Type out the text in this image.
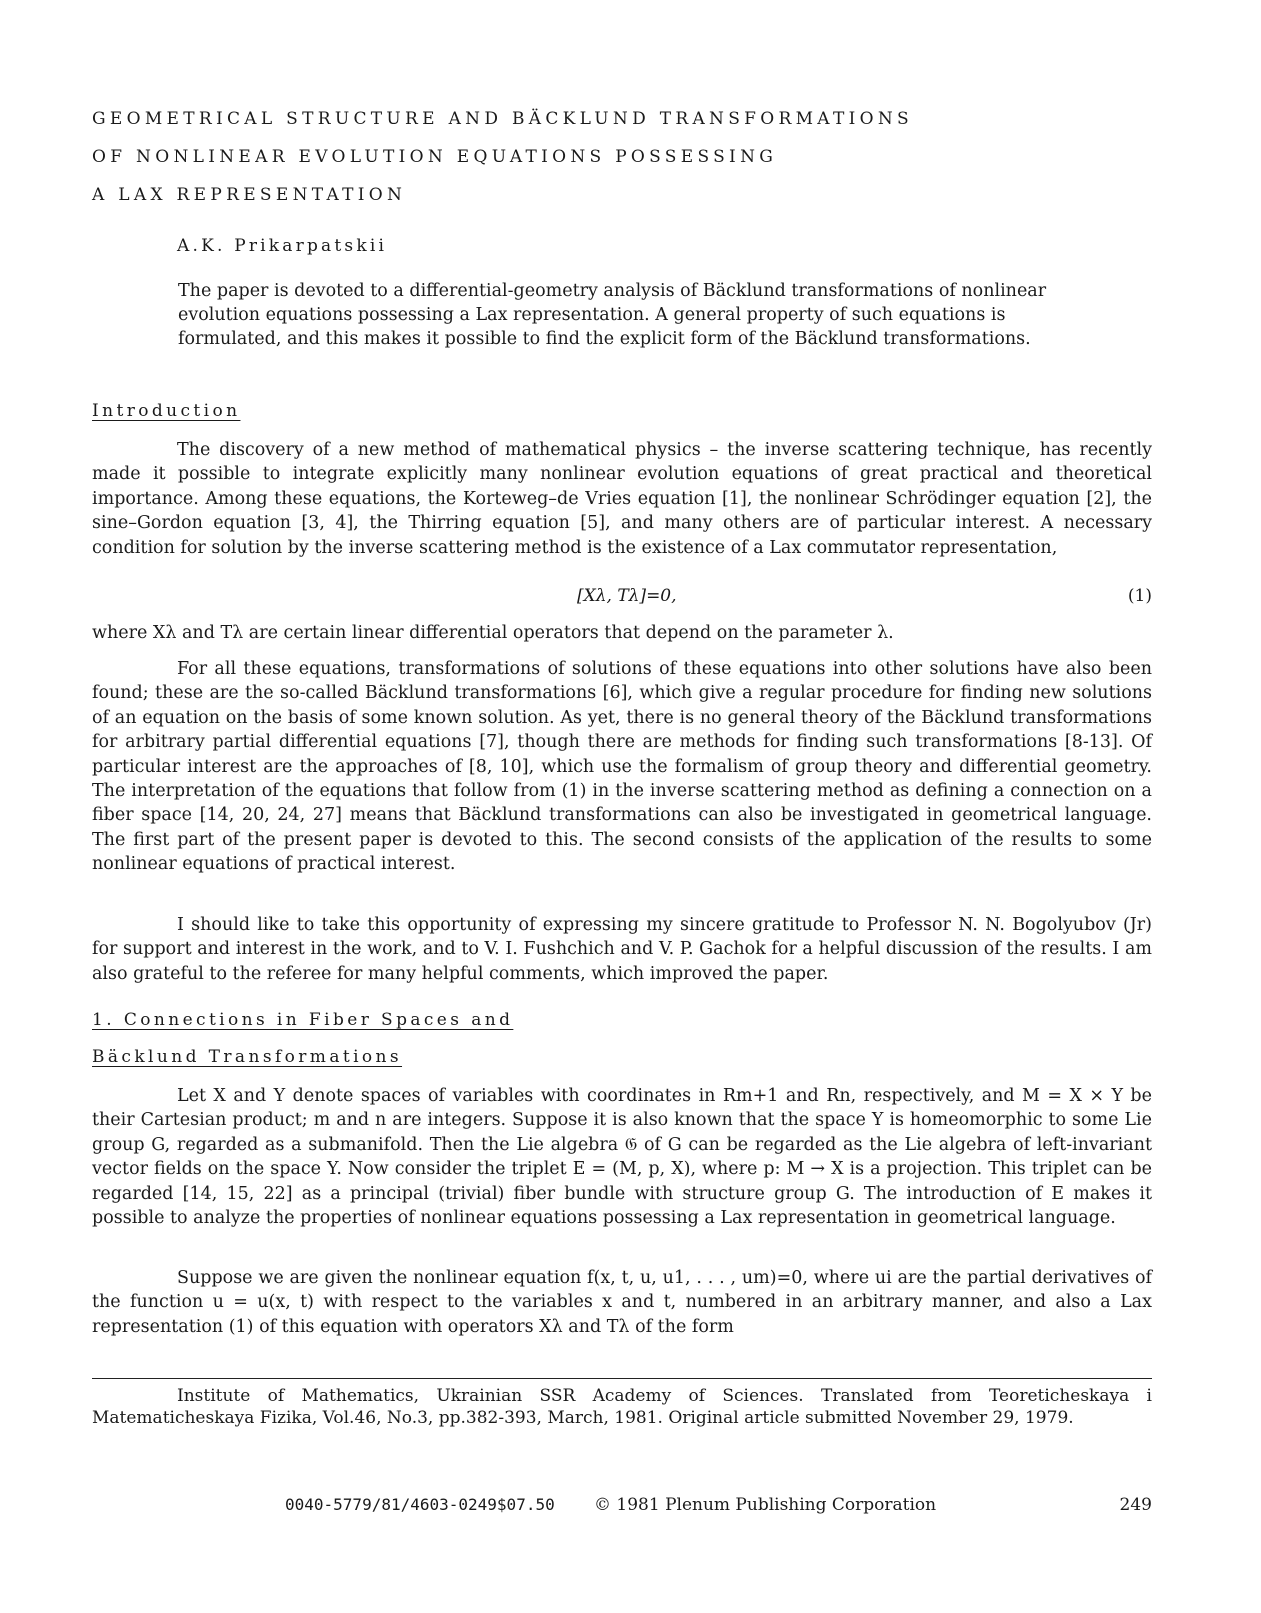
GEOMETRICAL STRUCTURE AND BÄCKLUND TRANSFORMATIONS
OF NONLINEAR EVOLUTION EQUATIONS POSSESSING
A LAX REPRESENTATION
A.K. Prikarpatskii

The paper is devoted to a differential-geometry analysis of Bäcklund transformations of nonlinear evolution equations possessing a Lax representation. A general property of such equations is formulated, and this makes it possible to find the explicit form of the Bäcklund transformations.

Introduction

The discovery of a new method of mathematical physics – the inverse scattering technique, has recently made it possible to integrate explicitly many nonlinear evolution equations of great practical and theoretical importance. Among these equations, the Korteweg–de Vries equation [1], the nonlinear Schrödinger equation [2], the sine–Gordon equation [3, 4], the Thirring equation [5], and many others are of particular interest. A necessary condition for solution by the inverse scattering method is the existence of a Lax commutator representation,

[Xλ, Tλ]=0,	(1)

where Xλ and Tλ are certain linear differential operators that depend on the parameter λ.

For all these equations, transformations of solutions of these equations into other solutions have also been found; these are the so-called Bäcklund transformations [6], which give a regular procedure for finding new solutions of an equation on the basis of some known solution. As yet, there is no general theory of the Bäcklund transformations for arbitrary partial differential equations [7], though there are methods for finding such transformations [8-13]. Of particular interest are the approaches of [8, 10], which use the formalism of group theory and differential geometry. The interpretation of the equations that follow from (1) in the inverse scattering method as defining a connection on a fiber space [14, 20, 24, 27] means that Bäcklund transformations can also be investigated in geometrical language. The first part of the present paper is devoted to this. The second consists of the application of the results to some nonlinear equations of practical interest.

I should like to take this opportunity of expressing my sincere gratitude to Professor N. N. Bogolyubov (Jr) for support and interest in the work, and to V. I. Fushchich and V. P. Gachok for a helpful discussion of the results. I am also grateful to the referee for many helpful comments, which improved the paper.

1. Connections in Fiber Spaces and
Bäcklund Transformations

Let X and Y denote spaces of variables with coordinates in Rm+1 and Rn, respectively, and M = X × Y be their Cartesian product; m and n are integers. Suppose it is also known that the space Y is homeomorphic to some Lie group G, regarded as a submanifold. Then the Lie algebra 𝔊 of G can be regarded as the Lie algebra of left-invariant vector fields on the space Y. Now consider the triplet E = (M, p, X), where p: M → X is a projection. This triplet can be regarded [14, 15, 22] as a principal (trivial) fiber bundle with structure group G. The introduction of E makes it possible to analyze the properties of nonlinear equations possessing a Lax representation in geometrical language.

Suppose we are given the nonlinear equation f(x, t, u, u1, . . . , um)=0, where ui are the partial derivatives of the function u = u(x, t) with respect to the variables x and t, numbered in an arbitrary manner, and also a Lax representation (1) of this equation with operators Xλ and Tλ of the form

Institute of Mathematics, Ukrainian SSR Academy of Sciences. Translated from Teoreticheskaya i Matematicheskaya Fizika, Vol.46, No.3, pp.382-393, March, 1981. Original article submitted November 29, 1979.

0040-5779/81/4603-0249$07.50 © 1981 Plenum Publishing Corporation	249
